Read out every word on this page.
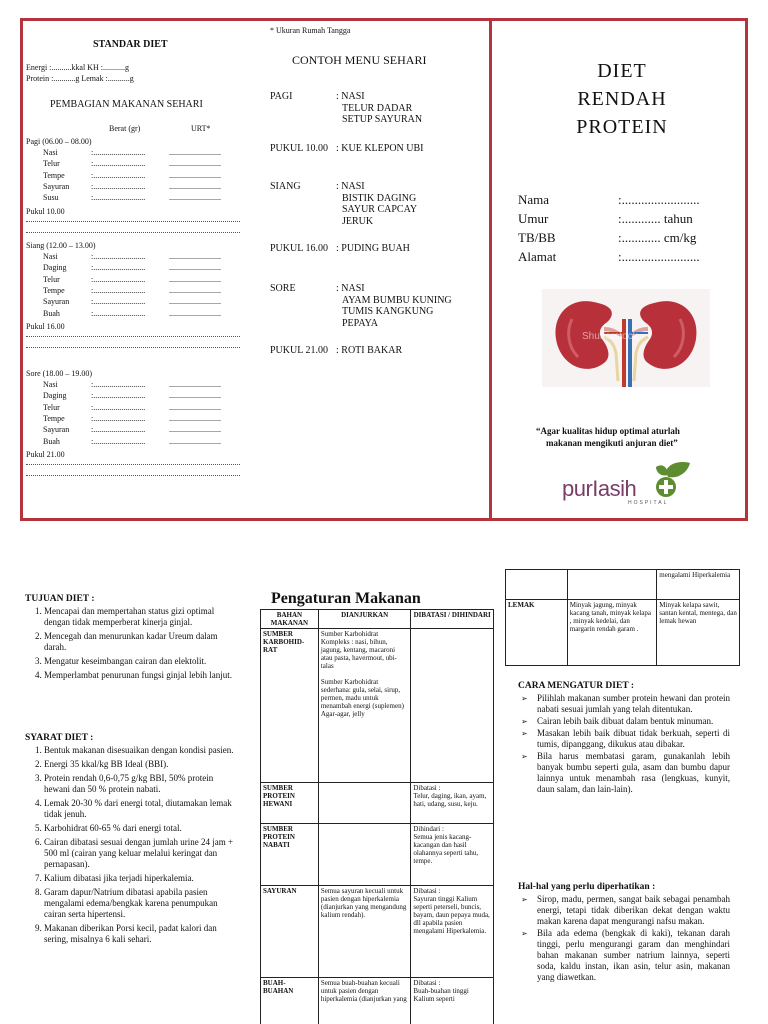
STANDAR DIET
Energi :..........kkal KH :...........g
Protein :...........g Lemak :...........g
PEMBAGIAN MAKANAN SEHARI
Berat (gr)	URT*
Pagi (06.00 – 08.00)
Nasi	:..........................	..........................
Telur	:..........................	..........................
Tempe	:..........................	..........................
Sayuran	:..........................	..........................
Susu	:..........................	..........................
Pukul 10.00
Siang (12.00 – 13.00)
Nasi	:..........................	..........................
Daging	:..........................	..........................
Telur	:..........................	..........................
Tempe	:..........................	..........................
Sayuran	:..........................	..........................
Buah	:..........................	..........................
Pukul 16.00
Sore (18.00 – 19.00)
Nasi	:..........................	..........................
Daging	:..........................	..........................
Telur	:..........................	..........................
Tempe	:..........................	..........................
Sayuran	:..........................	..........................
Buah	:..........................	..........................
Pukul 21.00
* Ukuran Rumah Tangga
CONTOH MENU SEHARI
PAGI	: NASI
TELUR DADAR
SETUP SAYURAN
PUKUL 10.00 : KUE KLEPON UBI
SIANG	: NASI
BISTIK DAGING
SAYUR CAPCAY
JERUK
PUKUL 16.00 : PUDING BUAH
SORE	: NASI
AYAM BUMBU KUNING
TUMIS KANGKUNG
PEPAYA
PUKUL 21.00 : ROTI BAKAR
DIET
RENDAH
PROTEIN
Nama	:........................
Umur	:............ tahun
TB/BB	:............ cm/kg
Alamat	:........................
Shutterstock
“Agar kualitas hidup optimal aturlah
makanan mengikuti anjuran diet”
purIasih
HOSPITAL
TUJUAN DIET :
1. Mencapai dan mempertahan status gizi optimal dengan tidak memperberat kinerja ginjal.
2. Mencegah dan menurunkan kadar Ureum dalam darah.
3. Mengatur keseimbangan cairan dan elektolit.
4. Memperlambat penurunan fungsi ginjal lebih lanjut.
SYARAT DIET :
1. Bentuk makanan disesuaikan dengan kondisi pasien.
2. Energi 35 kkal/kg BB Ideal (BBI).
3. Protein rendah 0,6-0,75 g/kg BBI, 50% protein hewani dan 50 % protein nabati.
4. Lemak 20-30 % dari energi total, diutamakan lemak tidak jenuh.
5. Karbohidrat 60-65 % dari energi total.
6. Cairan dibatasi sesuai dengan jumlah urine 24 jam + 500 ml (cairan yang keluar melalui keringat dan pernapasan).
7. Kalium dibatasi jika terjadi hiperkalemia.
8. Garam dapur/Natrium dibatasi apabila pasien mengalami edema/bengkak karena penumpukan cairan serta hipertensi.
9. Makanan diberikan Porsi kecil, padat kalori dan sering, misalnya 6 kali sehari.
Pengaturan Makanan
BAHAN MAKANAN	DIANJURKAN	DIBATASI / DIHINDARI
SUMBER KARBOHID-RAT	Sumber Karbohidrat Kompleks : nasi, bihun, jagung, kentang, macaroni atau pasta, havermout, ubi-talas

Sumber Karbohidrat sederhana: gula, selai, sirup, permen, madu untuk menambah energi (suplemen) Agar-agar, jelly	
SUMBER PROTEIN HEWANI		Dibatasi :
Telur, daging, ikan, ayam, hati, udang, susu, keju.
SUMBER PROTEIN NABATI		Dihindari :
Semua jenis kacang-kacangan dan hasil olahannya seperti tahu, tempe.
SAYURAN	Semua sayuran kecuali untuk pasien dengan hiperkalemia (dianjurkan yang mengandung kalium rendah).	Dibatasi :
Sayuran tinggi Kalium seperti peterseli, buncis, bayam, daun pepaya muda, dll apabila pasien mengalami Hiperkalemia.
BUAH-BUAHAN	Semua buah-buahan kecuali untuk pasien dengan hiperkalemia (dianjurkan yang	Dibatasi :
Buah-buahan tinggi Kalium seperti
		mengalami Hiperkalemia
LEMAK	Minyak jagung, minyak kacang tanah, minyak kelapa , minyak kedelai, dan margarin rendah garam .	Minyak kelapa sawit, santan kental, mentega, dan lemak hewan
CARA MENGATUR DIET :
➢ Pilihlah makanan sumber protein hewani dan protein nabati sesuai jumlah yang telah ditentukan.
➢ Cairan lebih baik dibuat dalam bentuk minuman.
➢ Masakan lebih baik dibuat tidak berkuah, seperti di tumis, dipanggang, dikukus atau dibakar.
➢ Bila harus membatasi garam, gunakanlah lebih banyak bumbu seperti gula, asam dan bumbu dapur lainnya untuk menambah rasa (lengkuas, kunyit, daun salam, dan lain-lain).
Hal-hal yang perlu diperhatikan :
➢ Sirop, madu, permen, sangat baik sebagai penambah energi, tetapi tidak diberikan dekat dengan waktu makan karena dapat mengurangi nafsu makan.
➢ Bila ada edema (bengkak di kaki), tekanan darah tinggi, perlu mengurangi garam dan menghindari bahan makanan sumber natrium lainnya, seperti soda, kaldu instan, ikan asin, telur asin, makanan yang diawetkan.
